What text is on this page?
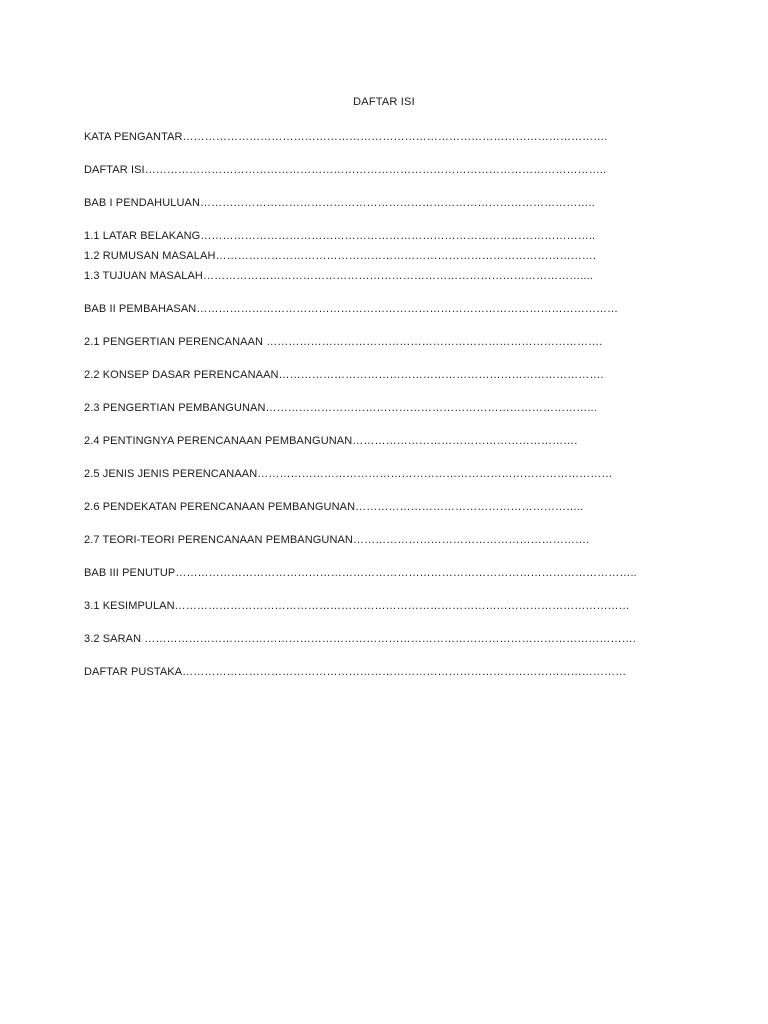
DAFTAR ISI
KATA PENGANTAR…………………………………………………………………………………………………….
DAFTAR ISI……………………………………………………………………………………………………………..
BAB I PENDAHULUAN……………………………………………………………………………………………..
1.1 LATAR BELAKANG……………………………………………………………………………………………..
1.2 RUMUSAN MASALAH………………………………………………………………………………………….
1.3 TUJUAN MASALAH…………………………………………………………………………………………....
BAB II PEMBAHASAN……………………………………………………………………………………………………
2.1 PENGERTIAN PERENCANAAN ……………………………………………………………………………….
2.2 KONSEP DASAR PERENCANAAN…………………………………………………………………………….
2.3 PENGERTIAN PEMBANGUNAN……………………………………………………………………………...
2.4 PENTINGNYA PERENCANAAN PEMBANGUNAN…………………………………………………….
2.5 JENIS JENIS PERENCANAAN……………………………………………………………………………………
2.6 PENDEKATAN PERENCANAAN PEMBANGUNAN……………………………………………………..
2.7 TEORI-TEORI PERENCANAAN PEMBANGUNAN……………………………………………………….
BAB III PENUTUP……………………………………………………………………………………………………………..
3.1 KESIMPULAN……………………………………………………………………………………………………………
3.2 SARAN …………………………………………………………………………………………………………………….
DAFTAR PUSTAKA…………………………………………………………………………………………………………
